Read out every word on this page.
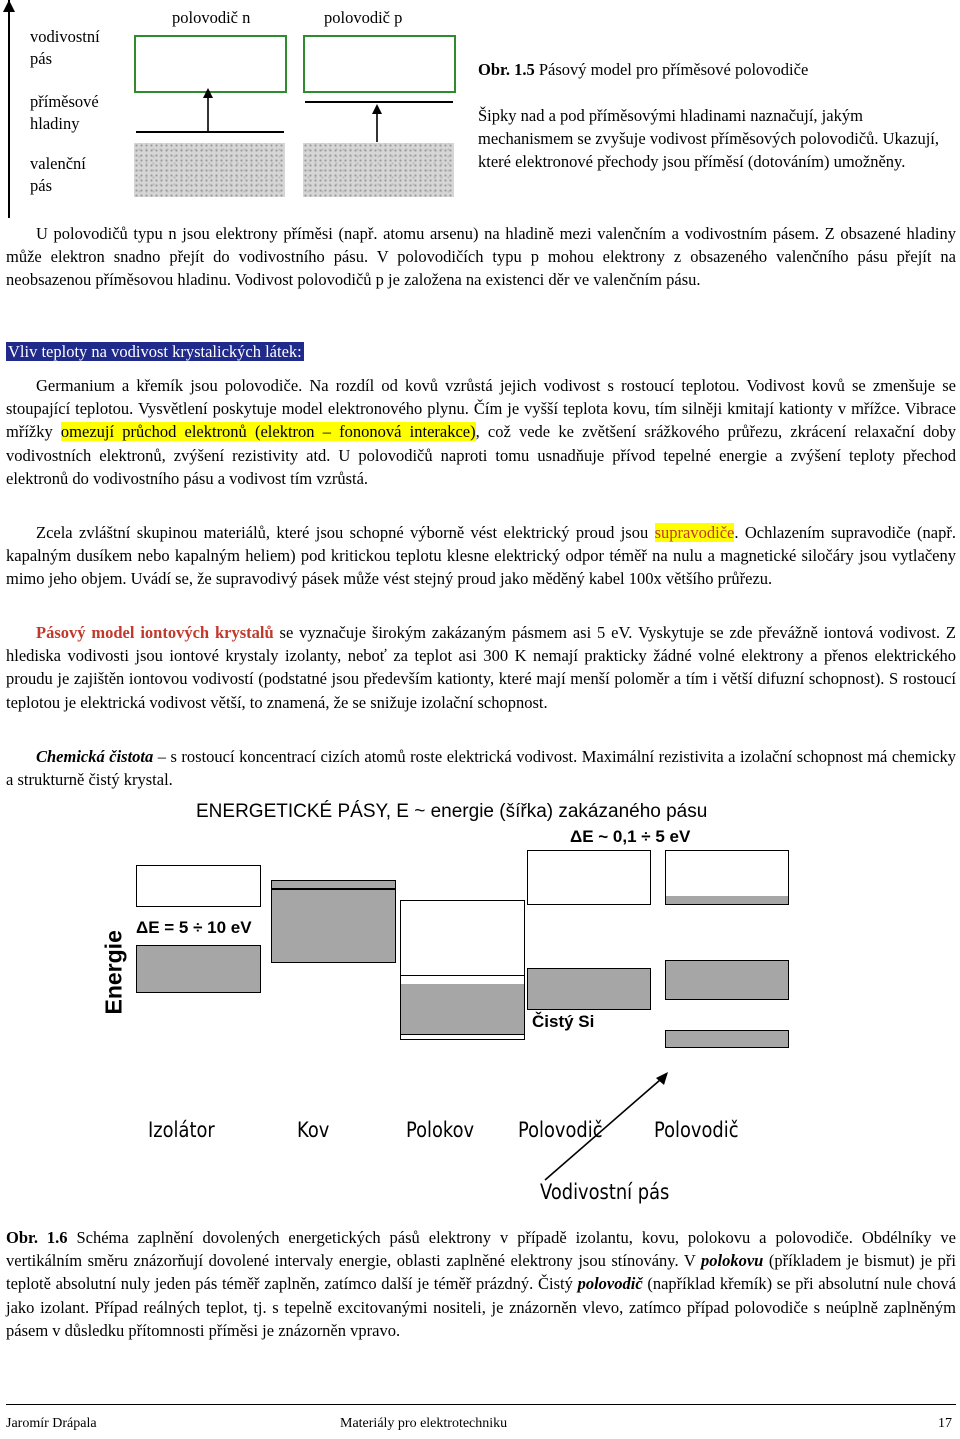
vodivostní pás
příměsové hladiny
valenční pás
polovodič n	polovodič p
Obr. 1.5 Pásový model pro příměsové polovodiče
Šipky nad a pod příměsovými hladinami naznačují, jakým mechanismem se zvyšuje vodivost příměsových polovodičů. Ukazují, které elektronové přechody jsou příměsí (dotováním) umožněny.

U polovodičů typu n jsou elektrony příměsi (např. atomu arsenu) na hladině mezi valenčním a vodivostním pásem. Z obsazené hladiny může elektron snadno přejít do vodivostního pásu. V polovodičích typu p mohou elektrony z obsazeného valenčního pásu přejít na neobsazenou příměsovou hladinu. Vodivost polovodičů p je založena na existenci děr ve valenčním pásu.

Vliv teploty na vodivost krystalických látek:

Germanium a křemík jsou polovodiče. Na rozdíl od kovů vzrůstá jejich vodivost s rostoucí teplotou. Vodivost kovů se zmenšuje se stoupající teplotou. Vysvětlení poskytuje model elektronového plynu. Čím je vyšší teplota kovu, tím silněji kmitají kationty v mřížce. Vibrace mřížky omezují průchod elektronů (elektron – fononová interakce), což vede ke zvětšení srážkového průřezu, zkrácení relaxační doby vodivostních elektronů, zvýšení rezistivity atd. U polovodičů naproti tomu usnadňuje přívod tepelné energie a zvýšení teploty přechod elektronů do vodivostního pásu a vodivost tím vzrůstá.

Zcela zvláštní skupinou materiálů, které jsou schopné výborně vést elektrický proud jsou supravodiče. Ochlazením supravodiče (např. kapalným dusíkem nebo kapalným heliem) pod kritickou teplotu klesne elektrický odpor téměř na nulu a magnetické siločáry jsou vytlačeny mimo jeho objem. Uvádí se, že supravodivý pásek může vést stejný proud jako měděný kabel 100x většího průřezu.

Pásový model iontových krystalů se vyznačuje širokým zakázaným pásmem asi 5 eV. Vyskytuje se zde převážně iontová vodivost. Z hlediska vodivosti jsou iontové krystaly izolanty, neboť za teplot asi 300 K nemají prakticky žádné volné elektrony a přenos elektrického proudu je zajištěn iontovou vodivostí (podstatné jsou především kationty, které mají menší poloměr a tím i větší difuzní schopnost). S rostoucí teplotou je elektrická vodivost větší, to znamená, že se snižuje izolační schopnost.

Chemická čistota – s rostoucí koncentrací cizích atomů roste elektrická vodivost. Maximální rezistivita a izolační schopnost má chemicky a strukturně čistý krystal.

ENERGETICKÉ PÁSY, E ~ energie (šířka) zakázaného pásu
ΔE ~ 0,1 ÷ 5 eV
ΔE = 5 ÷ 10 eV
Energie
Čistý Si
Izolátor	Kov	Polokov Polovodič Polovodič
Vodivostní pás

Obr. 1.6 Schéma zaplnění dovolených energetických pásů elektrony v případě izolantu, kovu, polokovu a polovodiče. Obdélníky ve vertikálním směru znázorňují dovolené intervaly energie, oblasti zaplněné elektrony jsou stínovány. V polokovu (příkladem je bismut) je při teplotě absolutní nuly jeden pás téměř zaplněn, zatímco další je téměř prázdný. Čistý polovodič (například křemík) se při absolutní nule chová jako izolant. Případ reálných teplot, tj. s tepelně excitovanými nositeli, je znázorněn vlevo, zatímco případ polovodiče s neúplně zaplněným pásem v důsledku přítomnosti příměsi je znázorněn vpravo.

Jaromír Drápala	Materiály pro elektrotechniku	17
